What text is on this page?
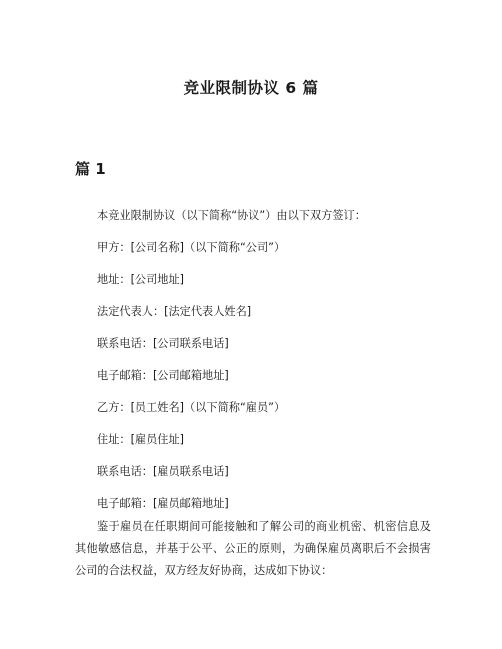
竞业限制协议 6 篇
篇 1

本竞业限制协议（以下简称“协议”）由以下双方签订：

甲方：[公司名称]（以下简称“公司”）

地址：[公司地址]

法定代表人：[法定代表人姓名]

联系电话：[公司联系电话]

电子邮箱：[公司邮箱地址]

乙方：[员工姓名]（以下简称“雇员”）

住址：[雇员住址]

联系电话：[雇员联系电话]

电子邮箱：[雇员邮箱地址]

鉴于雇员在任职期间可能接触和了解公司的商业机密、机密信息及其他敏感信息，并基于公平、公正的原则，为确保雇员离职后不会损害公司的合法权益，双方经友好协商，达成如下协议：
